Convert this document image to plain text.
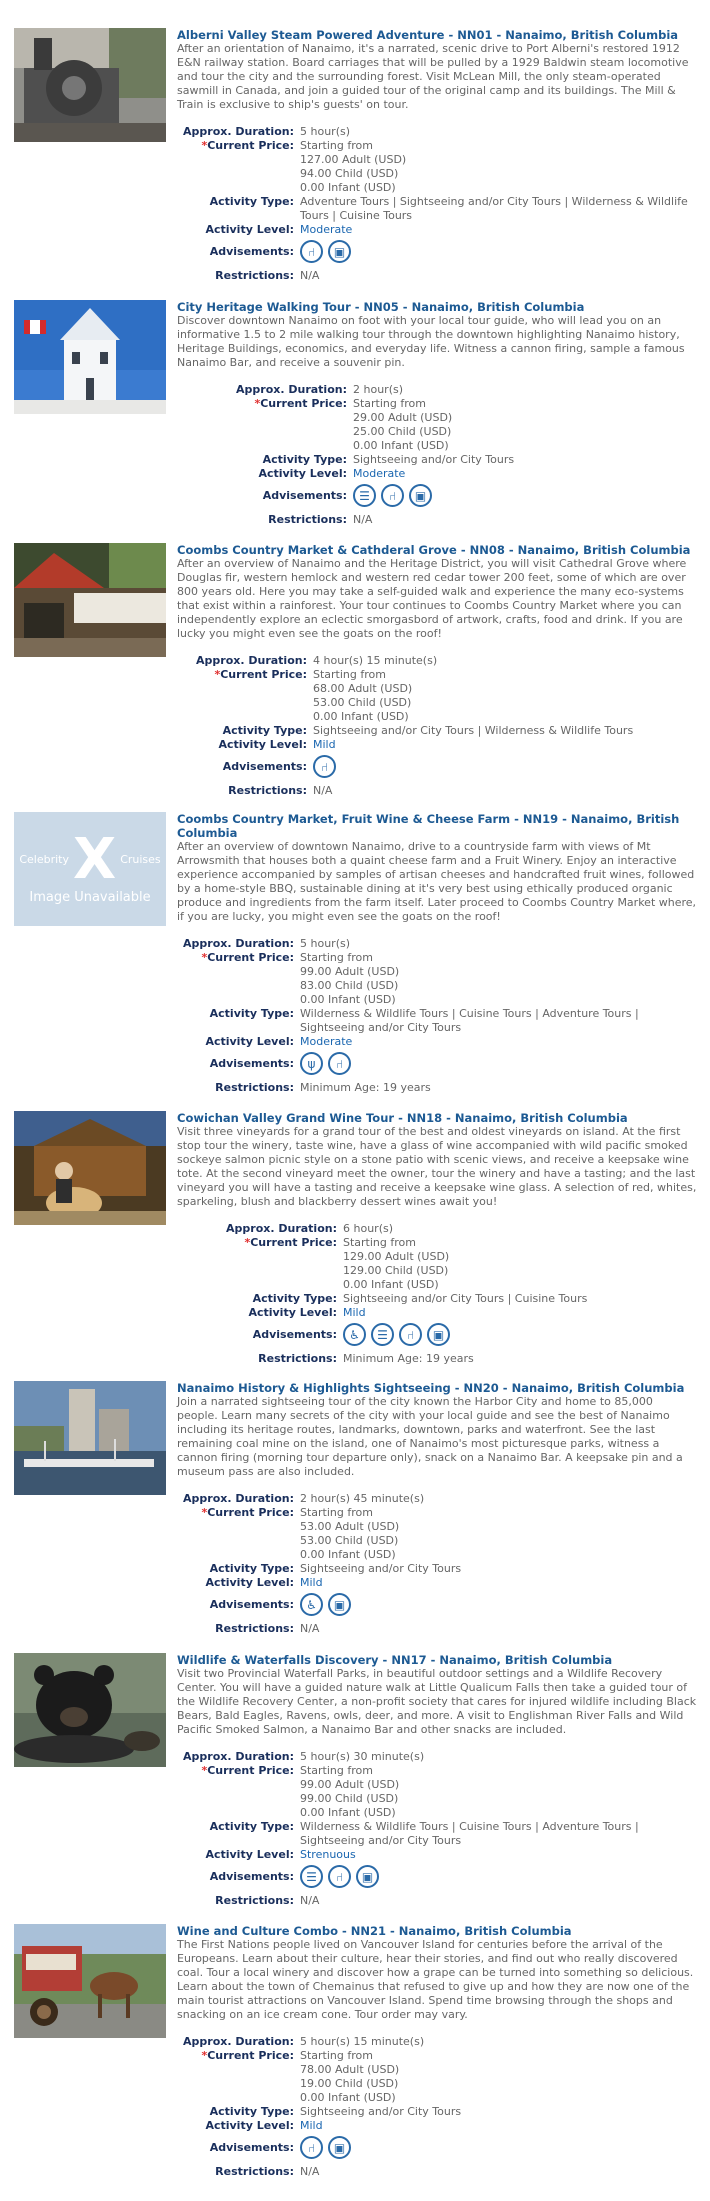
Alberni Valley Steam Powered Adventure - NN01 - Nanaimo, British Columbia

After an orientation of Nanaimo, it's a narrated, scenic drive to Port Alberni's restored 1912 E&N railway station. Board carriages that will be pulled by a 1929 Baldwin steam locomotive and tour the city and the surrounding forest. Visit McLean Mill, the only steam-operated sawmill in Canada, and join a guided tour of the original camp and its buildings. The Mill & Train is exclusive to ship's guests' on tour.

Approx. Duration: 5 hour(s)
*Current Price: Starting from
127.00 Adult (USD)
94.00 Child (USD)
0.00 Infant (USD)
Activity Type: Adventure Tours | Sightseeing and/or City Tours | Wilderness & Wildlife Tours | Cuisine Tours
Activity Level: Moderate
Advisements:	⑁	▣
Restrictions: N/A
City Heritage Walking Tour - NN05 - Nanaimo, British Columbia

Discover downtown Nanaimo on foot with your local tour guide, who will lead you on an informative 1.5 to 2 mile walking tour through the downtown highlighting Nanaimo history, Heritage Buildings, economics, and everyday life. Witness a cannon firing, sample a famous Nanaimo Bar, and receive a souvenir pin.

Approx. Duration: 2 hour(s)
*Current Price: Starting from
29.00 Adult (USD)
25.00 Child (USD)
0.00 Infant (USD)
Activity Type: Sightseeing and/or City Tours
Activity Level: Moderate
Advisements:	☰	⑁	▣
Restrictions: N/A
Coombs Country Market & Cathderal Grove - NN08 - Nanaimo, British Columbia

After an overview of Nanaimo and the Heritage District, you will visit Cathedral Grove where Douglas fir, western hemlock and western red cedar tower 200 feet, some of which are over 800 years old. Here you may take a self-guided walk and experience the many eco-systems that exist within a rainforest. Your tour continues to Coombs Country Market where you can independently explore an eclectic smorgasbord of artwork, crafts, food and drink. If you are lucky you might even see the goats on the roof!

Approx. Duration: 4 hour(s) 15 minute(s)
*Current Price: Starting from
68.00 Adult (USD)
53.00 Child (USD)
0.00 Infant (USD)
Activity Type: Sightseeing and/or City Tours | Wilderness & Wildlife Tours
Activity Level: Mild
Advisements:	⑁
Restrictions: N/A
Celebrity X Cruises
Image Unavailable
Coombs Country Market, Fruit Wine & Cheese Farm - NN19 - Nanaimo, British Columbia

After an overview of downtown Nanaimo, drive to a countryside farm with views of Mt Arrowsmith that houses both a quaint cheese farm and a Fruit Winery. Enjoy an interactive experience accompanied by samples of artisan cheeses and handcrafted fruit wines, followed by a home-style BBQ, sustainable dining at it's very best using ethically produced organic produce and ingredients from the farm itself. Later proceed to Coombs Country Market where, if you are lucky, you might even see the goats on the roof!

Approx. Duration: 5 hour(s)
*Current Price: Starting from
99.00 Adult (USD)
83.00 Child (USD)
0.00 Infant (USD)
Activity Type: Wilderness & Wildlife Tours | Cuisine Tours | Adventure Tours | Sightseeing and/or City Tours
Activity Level: Moderate
Advisements:	ψ	⑁
Restrictions: Minimum Age: 19 years
Cowichan Valley Grand Wine Tour - NN18 - Nanaimo, British Columbia

Visit three vineyards for a grand tour of the best and oldest vineyards on island. At the first stop tour the winery, taste wine, have a glass of wine accompanied with wild pacific smoked sockeye salmon picnic style on a stone patio with scenic views, and receive a keepsake wine tote. At the second vineyard meet the owner, tour the winery and have a tasting; and the last vineyard you will have a tasting and receive a keepsake wine glass. A selection of red, whites, sparkeling, blush and blackberry dessert wines await you!

Approx. Duration: 6 hour(s)
*Current Price: Starting from
129.00 Adult (USD)
129.00 Child (USD)
0.00 Infant (USD)
Activity Type: Sightseeing and/or City Tours | Cuisine Tours
Activity Level: Mild
Advisements:	♿	☰	⑁	▣
Restrictions: Minimum Age: 19 years
Nanaimo History & Highlights Sightseeing - NN20 - Nanaimo, British Columbia

Join a narrated sightseeing tour of the city known the Harbor City and home to 85,000 people. Learn many secrets of the city with your local guide and see the best of Nanaimo including its heritage routes, landmarks, downtown, parks and waterfront. See the last remaining coal mine on the island, one of Nanaimo's most picturesque parks, witness a cannon firing (morning tour departure only), snack on a Nanaimo Bar. A keepsake pin and a museum pass are also included.

Approx. Duration: 2 hour(s) 45 minute(s)
*Current Price: Starting from
53.00 Adult (USD)
53.00 Child (USD)
0.00 Infant (USD)
Activity Type: Sightseeing and/or City Tours
Activity Level: Mild
Advisements:	♿	▣
Restrictions: N/A
Wildlife & Waterfalls Discovery - NN17 - Nanaimo, British Columbia

Visit two Provincial Waterfall Parks, in beautiful outdoor settings and a Wildlife Recovery Center. You will have a guided nature walk at Little Qualicum Falls then take a guided tour of the Wildlife Recovery Center, a non-profit society that cares for injured wildlife including Black Bears, Bald Eagles, Ravens, owls, deer, and more. A visit to Englishman River Falls and Wild Pacific Smoked Salmon, a Nanaimo Bar and other snacks are included.

Approx. Duration: 5 hour(s) 30 minute(s)
*Current Price: Starting from
99.00 Adult (USD)
99.00 Child (USD)
0.00 Infant (USD)
Activity Type: Wilderness & Wildlife Tours | Cuisine Tours | Adventure Tours | Sightseeing and/or City Tours
Activity Level: Strenuous
Advisements:	☰	⑁	▣
Restrictions: N/A
Wine and Culture Combo - NN21 - Nanaimo, British Columbia

The First Nations people lived on Vancouver Island for centuries before the arrival of the Europeans. Learn about their culture, hear their stories, and find out who really discovered coal. Tour a local winery and discover how a grape can be turned into something so delicious. Learn about the town of Chemainus that refused to give up and how they are now one of the main tourist attractions on Vancouver Island. Spend time browsing through the shops and snacking on an ice cream cone. Tour order may vary.

Approx. Duration: 5 hour(s) 15 minute(s)
*Current Price: Starting from
78.00 Adult (USD)
19.00 Child (USD)
0.00 Infant (USD)
Activity Type: Sightseeing and/or City Tours
Activity Level: Mild
Advisements:	⑁	▣
Restrictions: N/A
